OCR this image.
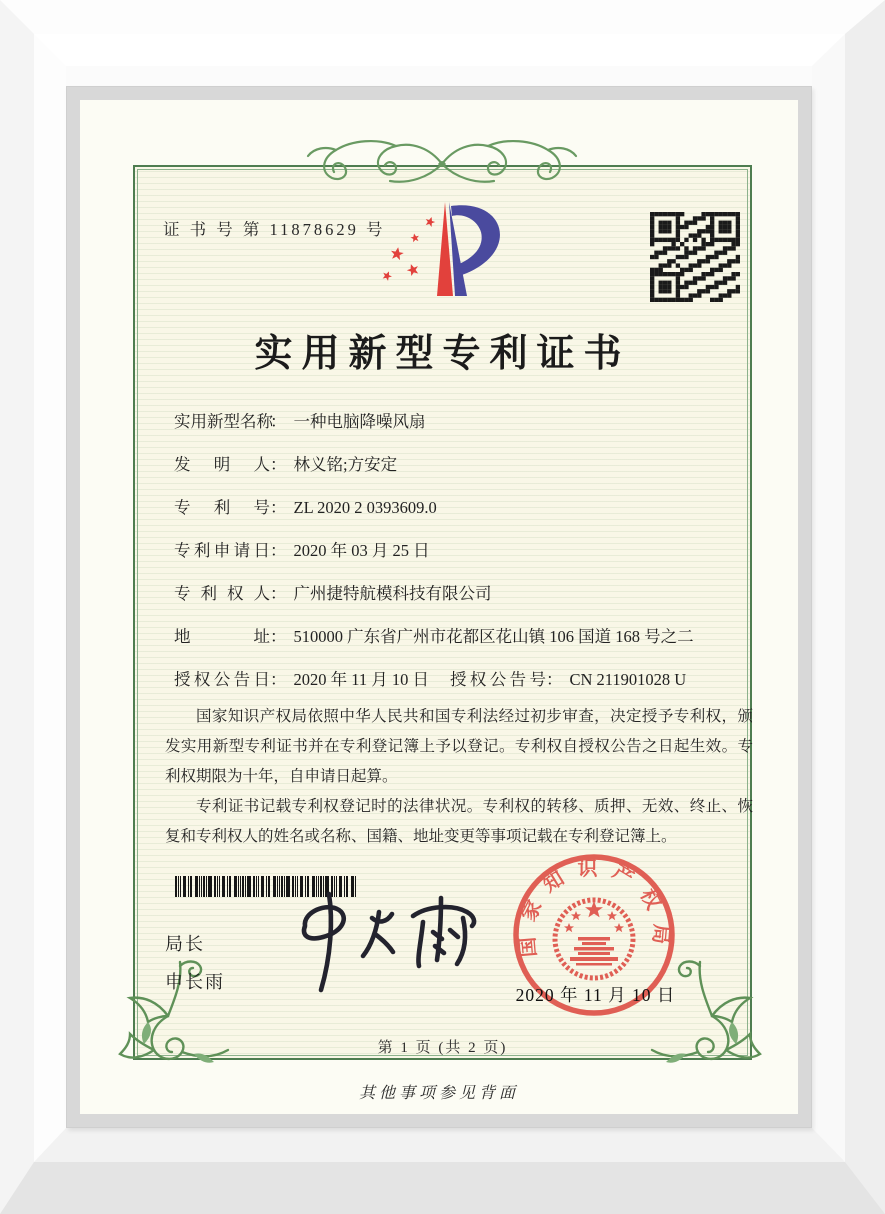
证 书 号 第 11878629 号
实用新型专利证书
实用新型名称： 一种电脑降噪风扇
发明人： 林义铭;方安定
专利号： ZL 2020 2 0393609.0
专利申请日： 2020 年 03 月 25 日
专利权人： 广州捷特航模科技有限公司
地址： 510000 广东省广州市花都区花山镇 106 国道 168 号之二
授权公告日： 2020 年 11 月 10 日 授权公告号： CN 211901028 U

国家知识产权局依照中华人民共和国专利法经过初步审查，决定授予专利权，颁发实用新型专利证书并在专利登记簿上予以登记。专利权自授权公告之日起生效。专利权期限为十年，自申请日起算。

专利证书记载专利权登记时的法律状况。专利权的转移、质押、无效、终止、恢复和专利权人的姓名或名称、国籍、地址变更等事项记载在专利登记簿上。

局长
申长雨
国家知识产权局
2020 年 11 月 10 日
第 1 页 (共 2 页)
其他事项参见背面
